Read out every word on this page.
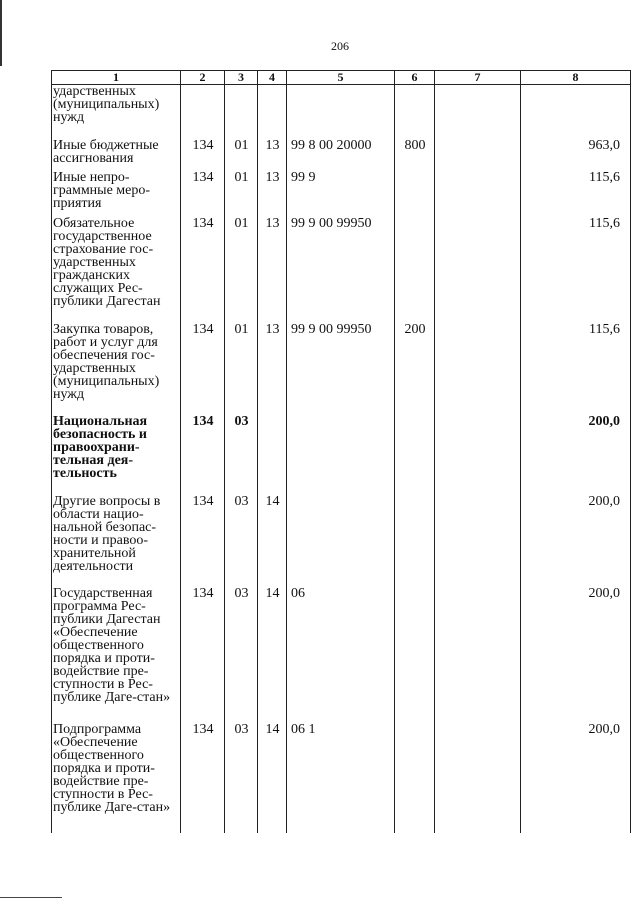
206
1	2	3	4	5	6	7	8
ударственных (муниципальных) нужд							
Иные бюджетные ассигнования	134	01	13	99 8 00 20000	800		963,0
Иные непро-граммные меро-приятия	134	01	13	99 9			115,6
Обязательное государственное страхование гос-ударственных гражданских служащих Рес-публики Дагестан	134	01	13	99 9 00 99950			115,6
Закупка товаров, работ и услуг для обеспечения гос-ударственных (муниципальных) нужд	134	01	13	99 9 00 99950	200		115,6
Национальная безопасность и правоохрани-тельная дея-тельность	134	03					200,0
Другие вопросы в области нацио-нальной безопас-ности и правоо-хранительной деятельности	134	03	14				200,0
Государственная программа Рес-публики Дагестан «Обеспечение общественного порядка и проти-водействие пре-ступности в Рес-публике Даге-стан»	134	03	14	06			200,0
Подпрограмма «Обеспечение общественного порядка и проти-водействие пре-ступности в Рес-публике Даге-стан»	134	03	14	06 1			200,0
